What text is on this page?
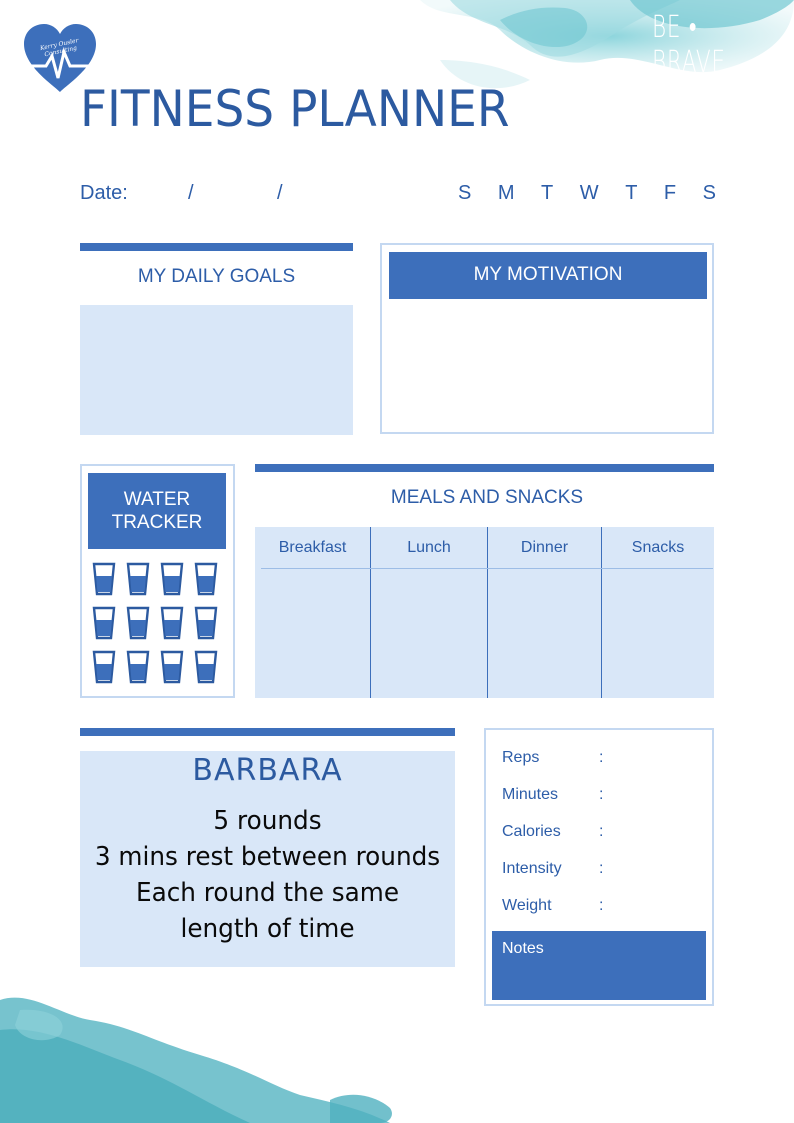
Kerry Ousler Consulting
BE • BRAVE
FITNESS PLANNER
Date:	/	/	S M T W T F S
MY DAILY GOALS	MY MOTIVATION
WATER
TRACKER
MEALS AND SNACKS
Breakfast	Lunch	Dinner	Snacks
BARBARA
5 rounds
3 mins rest between rounds
Each round the same
length of time
Reps	:
Minutes	:
Calories :
Intensity :
Weight	:
Notes
